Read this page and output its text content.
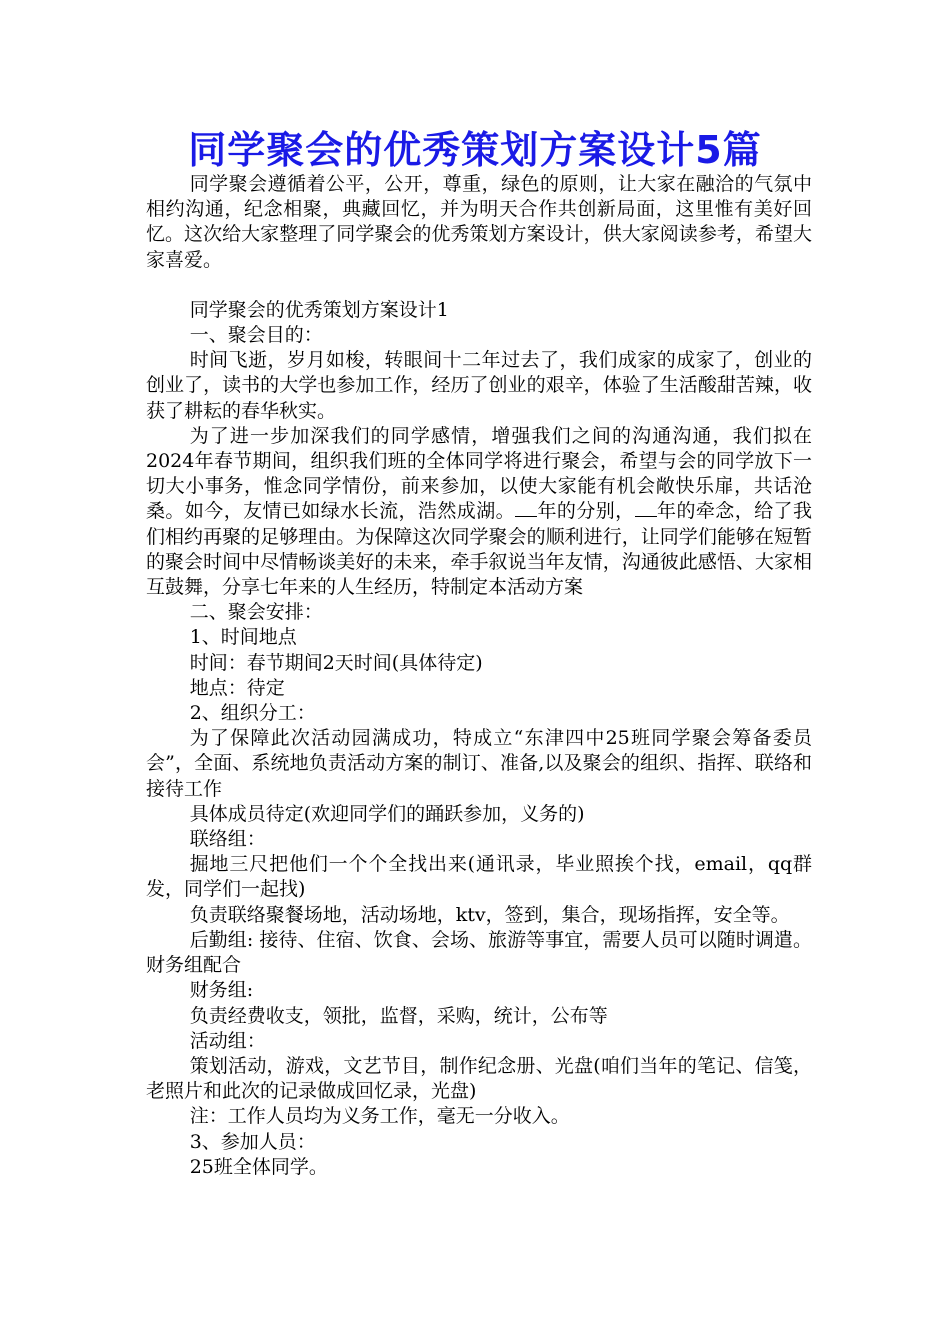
同学聚会的优秀策划方案设计5篇

同学聚会遵循着公平，公开，尊重，绿色的原则，让大家在融洽的气氛中相约沟通，纪念相聚，典藏回忆，并为明天合作共创新局面，这里惟有美好回忆。这次给大家整理了同学聚会的优秀策划方案设计，供大家阅读参考，希望大家喜爱。

同学聚会的优秀策划方案设计1

一、聚会目的：

时间飞逝，岁月如梭，转眼间十二年过去了，我们成家的成家了，创业的创业了，读书的大学也参加工作，经历了创业的艰辛，体验了生活酸甜苦辣，收获了耕耘的春华秋实。

为了进一步加深我们的同学感情，增强我们之间的沟通沟通，我们拟在2024年春节期间，组织我们班的全体同学将进行聚会，希望与会的同学放下一切大小事务，惟念同学情份，前来参加，以使大家能有机会敞快乐扉，共话沧桑。如今，友情已如绿水长流，浩然成湖。 年的分别， 年的牵念，给了我们相约再聚的足够理由。为保障这次同学聚会的顺利进行，让同学们能够在短暂的聚会时间中尽情畅谈美好的未来，牵手叙说当年友情，沟通彼此感悟、大家相互鼓舞，分享七年来的人生经历，特制定本活动方案

二、聚会安排：

1、时间地点

时间：春节期间2天时间(具体待定)

地点：待定

2、组织分工：

为了保障此次活动园满成功，特成立“东津四中25班同学聚会筹备委员会”，全面、系统地负责活动方案的制订、准备,以及聚会的组织、指挥、联络和接待工作

具体成员待定(欢迎同学们的踊跃参加，义务的)

联络组：

掘地三尺把他们一个个全找出来(通讯录，毕业照挨个找，email，qq群发，同学们一起找)

负责联络聚餐场地，活动场地，ktv，签到，集合，现场指挥，安全等。

后勤组: 接待、住宿、饮食、会场、旅游等事宜，需要人员可以随时调遣。财务组配合

财务组:

负责经费收支，领批，监督，采购，统计，公布等

活动组：

策划活动，游戏，文艺节目，制作纪念册、光盘(咱们当年的笔记、信笺，老照片和此次的记录做成回忆录，光盘)

注：工作人员均为义务工作，毫无一分收入。

3、参加人员：

25班全体同学。
